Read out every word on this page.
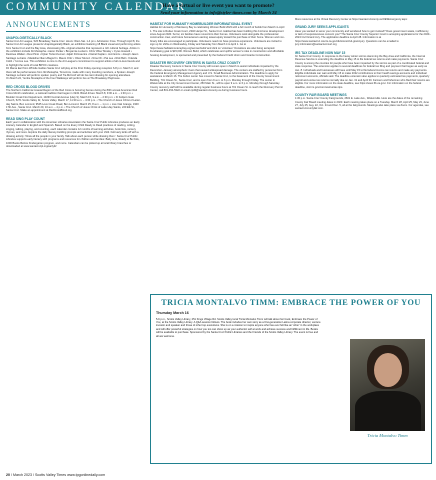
COMMUNITY CALENDAR
Have a virtual or live event you want to promote?
Send your information to info@styler-times.com by March 24
ANNOUNCEMENTS
UNAPOLOGETICALLY BLACK

Santa Cruz Art League, 526 Broadway, Santa Cruz. Hours: Wed.-Sat. 1-4 pm • Admission: Free. Through April 8, the Santa Cruz Art League presents Unapologetically Black, an exhibition featuring 18 Black visual and performing artists from Santa Cruz and the Bay Area, showcasing 90+ original artworks that represent a rich cultural heritage. Artists in the exhibition include Ifé Mustapha • Aaron Parker • Breyannie Luckett • Chris 'Wise' Mosley • Cyrus Howard • Destinee Walker • Desi Pinto • Dylan Tozier-Kenner • Eijah Fitzmaurice • Daniel Kaplan • Jeni Ennis • Joseph Jason Santiago LeCaire • Madeline Nkem-Bagozzi • Mauro Ortiz • Oliver Munoz • Nina Oh • Pat Lee • Rick Bell • Yolanda Cobb • Yvonne Lee. This exhibition is core to the Art League's commitment to support artists of all co-level levels and to highlight the work of local BIPOC creatives.

DJ Mama Earl from Whistle Gables Santa Cruz will play at the First Friday opening reception 6-8 p.m. March 3, and there will be performances from Ifé Mustapha, Tomorrow, made with many founding members, a Spoken Joseph Santiago LeCaire will perform spoken poetry and Tia McCord will do live tarot drawing for opening attendees.

On March 24, Yembe Mustapha of the Four Walkways will perform live at The Broadway Playhouse.

RED CROSS BLOOD DRIVES

The Northern California Coastal Region of the Red Cross is honoring heroes during the 80th annual American Red Cross Month celebration, a national tradition that began in 1943. Blood drives: March 8, 9:00 a.m. – 1:30 p.m. • Boulder Creek Fire Department, 13230 Central Avenue (Hwy 9). March 15, 9 a.m. – 2:30 p.m. • Ft Felipe's Gate Church, 5271 Scotts Valley Dr, Scotts Valley. March 17, 11:30 a.m. – 4:30 p.m. • The Church of Jesus Christ of Latter-day Saints, Ben Lomond, 9545 Love Creek Road, Ben Lomond. March 25, 8 a.m. – 1 p.m. • Live Oak Grange, 1900 17th Ave., Santa Cruz. March 29, 10 a.m. – 4 p.m. • The Church of Jesus Christ of Latter-day Saints, 220 Elk St., Santa Cruz. Make an appointment at RedCrossBlood.org

READ SING PLAY COUNT

Each year in collaboration with the American Libraries Association the Santa Cruz Public Libraries produces an Early Literacy Calendar in English and Spanish. Based on the Every Child Ready to Read practices of reading, writing, singing, talking, playing, and counting, each calendar contains 12 months of learning activities, book lists, nursery rhymes, and more. Explore the daily literacy-building prompts and activities with your child. February kicks off with a drawing activity: 'Draw all the people in your family. Talk about each person while drawing them.' Santa Cruz Public Libraries supports early literacy with programs and resources for children and families: Baby time, Ready to Be Kids, 1000 Books Before Kindergarten program, and more. Calendars can be picked up at local library branches or downloaded at www.santacruzpl.org/earlylit/

HABITAT FOR HUMANITY HOMEBUILDER INFORMATIONAL EVENT

Habitat for Humanity of Monterey Bay is celebrating Women Build 2023 with a full month of builds from March 4–April 1. The site is Rodeo Creek Court, 2340 Harper St., Santa Cruz. Habitat has been building this 11-home development since August 2020. So far, six families have moved into their homes. Volunteers work alongside the professional construction crew, and future homeowners earning sweat equity toward the purchase of their home. Women and non-binary folks are encouraged to participate. Volunteers need not have previous experience. Volunteers are invited to sign up for shifts on Wednesday, Friday and Saturday from March 4 to April 1. Go to https://www.habitatmontereybay.org/womenbuild/ and click on 'volunteer.' Donations are also being accepted. Fundraising goal is $15,000. Women Build, which celebrates and uplifts women's roles in construction and affordable housing development, is sponsored and presented by the Federal Credit Union and Granite Construction.

DISASTER RECOVERY CENTERS IN SANTA CRUZ COUNTY

Disaster Recovery Centers in Santa Cruz County will remain open in March to assist individuals impacted by the December–January atmospheric rivers that caused widespread damage. The centers are staffed by personnel from the Federal Emergency Management Agency and U.S. Small Business Administration. The deadline to apply for assistance is March 16. The Felton center has moved to Santa Cruz, to the basement of the County Government Building, 701 Ocean St., Santa Cruz, and is open from 9 a.m. to 6 p.m. Monday through Friday. The center in Watsonville at the City Government Center, 250 Main St., will be open 9 a.m. to 6 p.m. Monday through Saturday. County recovery staff will be available during regular business hours at 701 Ocean St. to reach the Recovery Permit Center, call 831-454-5322 or email cpdb@santacruzcounty.us during business hours.

More resources at the Virtual Recovery Center at https://santacruzcounty.us/OESEmergency.aspx

GRAND JURY SEEKS APPLICANTS

Have you wanted to serve your community and wondered how to get involved? Does government waste, inefficiency, or lack of responsiveness concern you? The Santa Cruz County Superior Court is accepting applications for the 2023–2024 Civil Grand Jury. The application deadline is April 28. Information is at https://www.santacruz.courts.ca.gov/divisions/civil-grand-jury. Questions can be emailed to jury.information@santacruzcourt.org

IRS TAX DEADLINE NOW MAY 15

for Santa Cruz County. In response to the heavy winter storms slamming the Bay Area and California, the Internal Revenue Service is extending the deadline to May 15 to file federal tax returns and make payments. Santa Cruz County is among the counties for people who have been impacted by the storms as part of a coordinated federal and state response. The extension applies to several deadlines for federal tax filing and payment that began as early as Jan. 8. Individuals and businesses will have until May 15 to file federal income tax returns and make any payments. Eligible individuals can wait until May 15 to make 2022 contributions to their health savings accounts and individual retirement accounts, officials said. The deadline extension also applies to quarterly estimated tax payments, quarterly payroll and excise tax returns normally due on Jan. 31 and April 30. Farmers and fishermen who filed their returns are eligible. For more information on the state deadline, see https://www.ftb.ca.gov/. For information on the federal deadline, visit irs.gov/coronavirus/tax-tips.

COUNTY FAIR BOARD MEETINGS

1:30 p.m. Santa Cruz County Fairgrounds, 2601 E. Lake Ave., Watsonville. Here are the dates of the remaining County Fair Board meeting dates in 2023. Each meeting takes place on a Tuesday. March 28, April 25, May 23, June 27, July 25, Aug. 22, Oct. 24 and Dec. 5, all at the fairgrounds. Meetings also take place via Zoom. For agendas, see santacruzcountyfair.com.

TRICIA MONTALVO TIMM: EMBRACE THE POWER OF YOU
Thursday March 16

5-6 p.m., Scotts Valley Library, 251 Kings Village Rd. Scotts Valley local Tricia Montalvo Timm will talk about her book, Embrace the Power of You, at the Scotts Valley Library. A Q&A session follows. The book includes her own story as a first-generation Latina corporate director, venture investor and speaker and those of other top executives. She is on a mission to inspire anyone who has ever felt like an 'other' in the workplace and will offer powerful strategies on how you too can show up as your authentic self at work and achieve success and fulfillment in life. Books will be available to purchase. Sponsored by the Santa Cruz Public Libraries and the Friends of the Scotts Valley Library. The event is free and all are welcome.

Tricia Montalvo Timm
20 / March 2023 / Scotts Valley Times www.tpgonlinedaily.com
